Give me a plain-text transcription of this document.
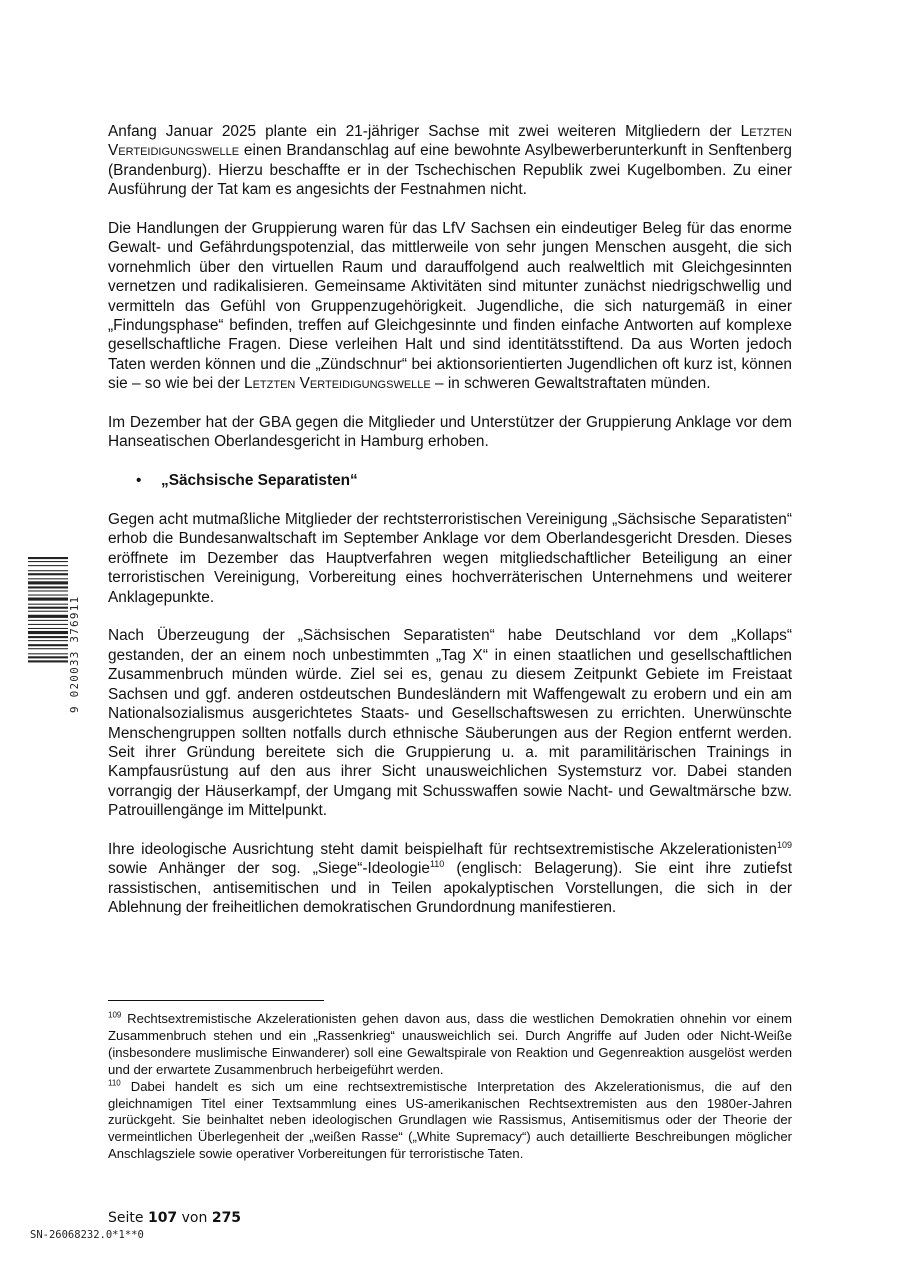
9 020033 376911

Anfang Januar 2025 plante ein 21-jähriger Sachse mit zwei weiteren Mitgliedern der Letzten Verteidigungswelle einen Brandanschlag auf eine bewohnte Asylbewerberunterkunft in Senftenberg (Brandenburg). Hierzu beschaffte er in der Tschechischen Republik zwei Kugelbomben. Zu einer Ausführung der Tat kam es angesichts der Festnahmen nicht.

Die Handlungen der Gruppierung waren für das LfV Sachsen ein eindeutiger Beleg für das enorme Gewalt- und Gefährdungspotenzial, das mittlerweile von sehr jungen Menschen ausgeht, die sich vornehmlich über den virtuellen Raum und darauffolgend auch realweltlich mit Gleichgesinnten vernetzen und radikalisieren. Gemeinsame Aktivitäten sind mitunter zunächst niedrigschwellig und vermitteln das Gefühl von Gruppenzugehörigkeit. Jugendliche, die sich naturgemäß in einer „Findungsphase“ befinden, treffen auf Gleichgesinnte und finden einfache Antworten auf komplexe gesellschaftliche Fragen. Diese verleihen Halt und sind identitätsstiftend. Da aus Worten jedoch Taten werden können und die „Zündschnur“ bei aktionsorientierten Jugendlichen oft kurz ist, können sie – so wie bei der Letzten Verteidigungswelle – in schweren Gewaltstraftaten münden.

Im Dezember hat der GBA gegen die Mitglieder und Unterstützer der Gruppierung Anklage vor dem Hanseatischen Oberlandesgericht in Hamburg erhoben.

•	„Sächsische Separatisten“

Gegen acht mutmaßliche Mitglieder der rechtsterroristischen Vereinigung „Sächsische Separatisten“ erhob die Bundesanwaltschaft im September Anklage vor dem Oberlandesgericht Dresden. Dieses eröffnete im Dezember das Hauptverfahren wegen mitgliedschaftlicher Beteiligung an einer terroristischen Vereinigung, Vorbereitung eines hochverräterischen Unternehmens und weiterer Anklagepunkte.

Nach Überzeugung der „Sächsischen Separatisten“ habe Deutschland vor dem „Kollaps“ gestanden, der an einem noch unbestimmten „Tag X“ in einen staatlichen und gesellschaftlichen Zusammenbruch münden würde. Ziel sei es, genau zu diesem Zeitpunkt Gebiete im Freistaat Sachsen und ggf. anderen ostdeutschen Bundesländern mit Waffengewalt zu erobern und ein am Nationalsozialismus ausgerichtetes Staats- und Gesellschaftswesen zu errichten. Unerwünschte Menschengruppen sollten notfalls durch ethnische Säuberungen aus der Region entfernt werden. Seit ihrer Gründung bereitete sich die Gruppierung u. a. mit paramilitärischen Trainings in Kampfausrüstung auf den aus ihrer Sicht unausweichlichen Systemsturz vor. Dabei standen vorrangig der Häuserkampf, der Umgang mit Schusswaffen sowie Nacht- und Gewaltmärsche bzw. Patrouillengänge im Mittelpunkt.

Ihre ideologische Ausrichtung steht damit beispielhaft für rechtsextremistische Akzelerationisten$^{109}$ sowie Anhänger der sog. „Siege“-Ideologie$^{110}$ (englisch: Belagerung). Sie eint ihre zutiefst rassistischen, antisemitischen und in Teilen apokalyptischen Vorstellungen, die sich in der Ablehnung der freiheitlichen demokratischen Grundordnung manifestieren.

$^{109}$ Rechtsextremistische Akzelerationisten gehen davon aus, dass die westlichen Demokratien ohnehin vor einem Zusammenbruch stehen und ein „Rassenkrieg“ unausweichlich sei. Durch Angriffe auf Juden oder Nicht-Weiße (insbesondere muslimische Einwanderer) soll eine Gewaltspirale von Reaktion und Gegenreaktion ausgelöst werden und der erwartete Zusammenbruch herbeigeführt werden.

$^{110}$ Dabei handelt es sich um eine rechtsextremistische Interpretation des Akzelerationismus, die auf den gleichnamigen Titel einer Textsammlung eines US-amerikanischen Rechtsextremisten aus den 1980er-Jahren zurückgeht. Sie beinhaltet neben ideologischen Grundlagen wie Rassismus, Antisemitismus oder der Theorie der vermeintlichen Überlegenheit der „weißen Rasse“ („White Supremacy“) auch detaillierte Beschreibungen möglicher Anschlagsziele sowie operativer Vorbereitungen für terroristische Taten.

Seite 107 von 275
SN-26068232.0*1**0
